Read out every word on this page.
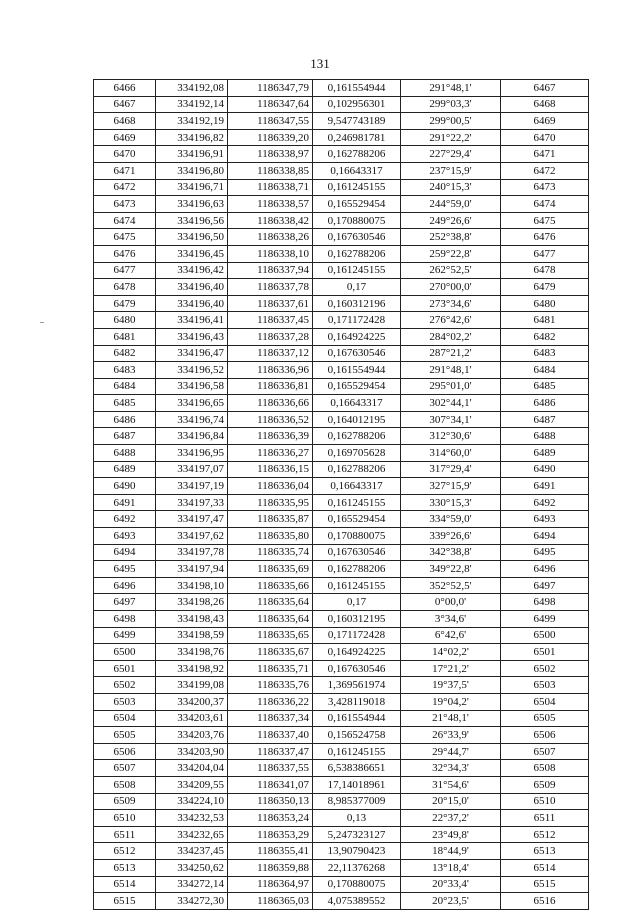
131
6466	334192,08	1186347,79	0,161554944	291°48,1'	6467
6467	334192,14	1186347,64	0,102956301	299°03,3'	6468
6468	334192,19	1186347,55	9,547743189	299°00,5'	6469
6469	334196,82	1186339,20	0,246981781	291°22,2'	6470
6470	334196,91	1186338,97	0,162788206	227°29,4'	6471
6471	334196,80	1186338,85	0,16643317	237°15,9'	6472
6472	334196,71	1186338,71	0,161245155	240°15,3'	6473
6473	334196,63	1186338,57	0,165529454	244°59,0'	6474
6474	334196,56	1186338,42	0,170880075	249°26,6'	6475
6475	334196,50	1186338,26	0,167630546	252°38,8'	6476
6476	334196,45	1186338,10	0,162788206	259°22,8'	6477
6477	334196,42	1186337,94	0,161245155	262°52,5'	6478
6478	334196,40	1186337,78	0,17	270°00,0'	6479
6479	334196,40	1186337,61	0,160312196	273°34,6'	6480
6480	334196,41	1186337,45	0,171172428	276°42,6'	6481
6481	334196,43	1186337,28	0,164924225	284°02,2'	6482
6482	334196,47	1186337,12	0,167630546	287°21,2'	6483
6483	334196,52	1186336,96	0,161554944	291°48,1'	6484
6484	334196,58	1186336,81	0,165529454	295°01,0'	6485
6485	334196,65	1186336,66	0,16643317	302°44,1'	6486
6486	334196,74	1186336,52	0,164012195	307°34,1'	6487
6487	334196,84	1186336,39	0,162788206	312°30,6'	6488
6488	334196,95	1186336,27	0,169705628	314°60,0'	6489
6489	334197,07	1186336,15	0,162788206	317°29,4'	6490
6490	334197,19	1186336,04	0,16643317	327°15,9'	6491
6491	334197,33	1186335,95	0,161245155	330°15,3'	6492
6492	334197,47	1186335,87	0,165529454	334°59,0'	6493
6493	334197,62	1186335,80	0,170880075	339°26,6'	6494
6494	334197,78	1186335,74	0,167630546	342°38,8'	6495
6495	334197,94	1186335,69	0,162788206	349°22,8'	6496
6496	334198,10	1186335,66	0,161245155	352°52,5'	6497
6497	334198,26	1186335,64	0,17	0°00,0'	6498
6498	334198,43	1186335,64	0,160312195	3°34,6'	6499
6499	334198,59	1186335,65	0,171172428	6°42,6'	6500
6500	334198,76	1186335,67	0,164924225	14°02,2'	6501
6501	334198,92	1186335,71	0,167630546	17°21,2'	6502
6502	334199,08	1186335,76	1,369561974	19°37,5'	6503
6503	334200,37	1186336,22	3,428119018	19°04,2'	6504
6504	334203,61	1186337,34	0,161554944	21°48,1'	6505
6505	334203,76	1186337,40	0,156524758	26°33,9'	6506
6506	334203,90	1186337,47	0,161245155	29°44,7'	6507
6507	334204,04	1186337,55	6,538386651	32°34,3'	6508
6508	334209,55	1186341,07	17,14018961	31°54,6'	6509
6509	334224,10	1186350,13	8,985377009	20°15,0'	6510
6510	334232,53	1186353,24	0,13	22°37,2'	6511
6511	334232,65	1186353,29	5,247323127	23°49,8'	6512
6512	334237,45	1186355,41	13,90790423	18°44,9'	6513
6513	334250,62	1186359,88	22,11376268	13°18,4'	6514
6514	334272,14	1186364,97	0,170880075	20°33,4'	6515
6515	334272,30	1186365,03	4,075389552	20°23,5'	6516
